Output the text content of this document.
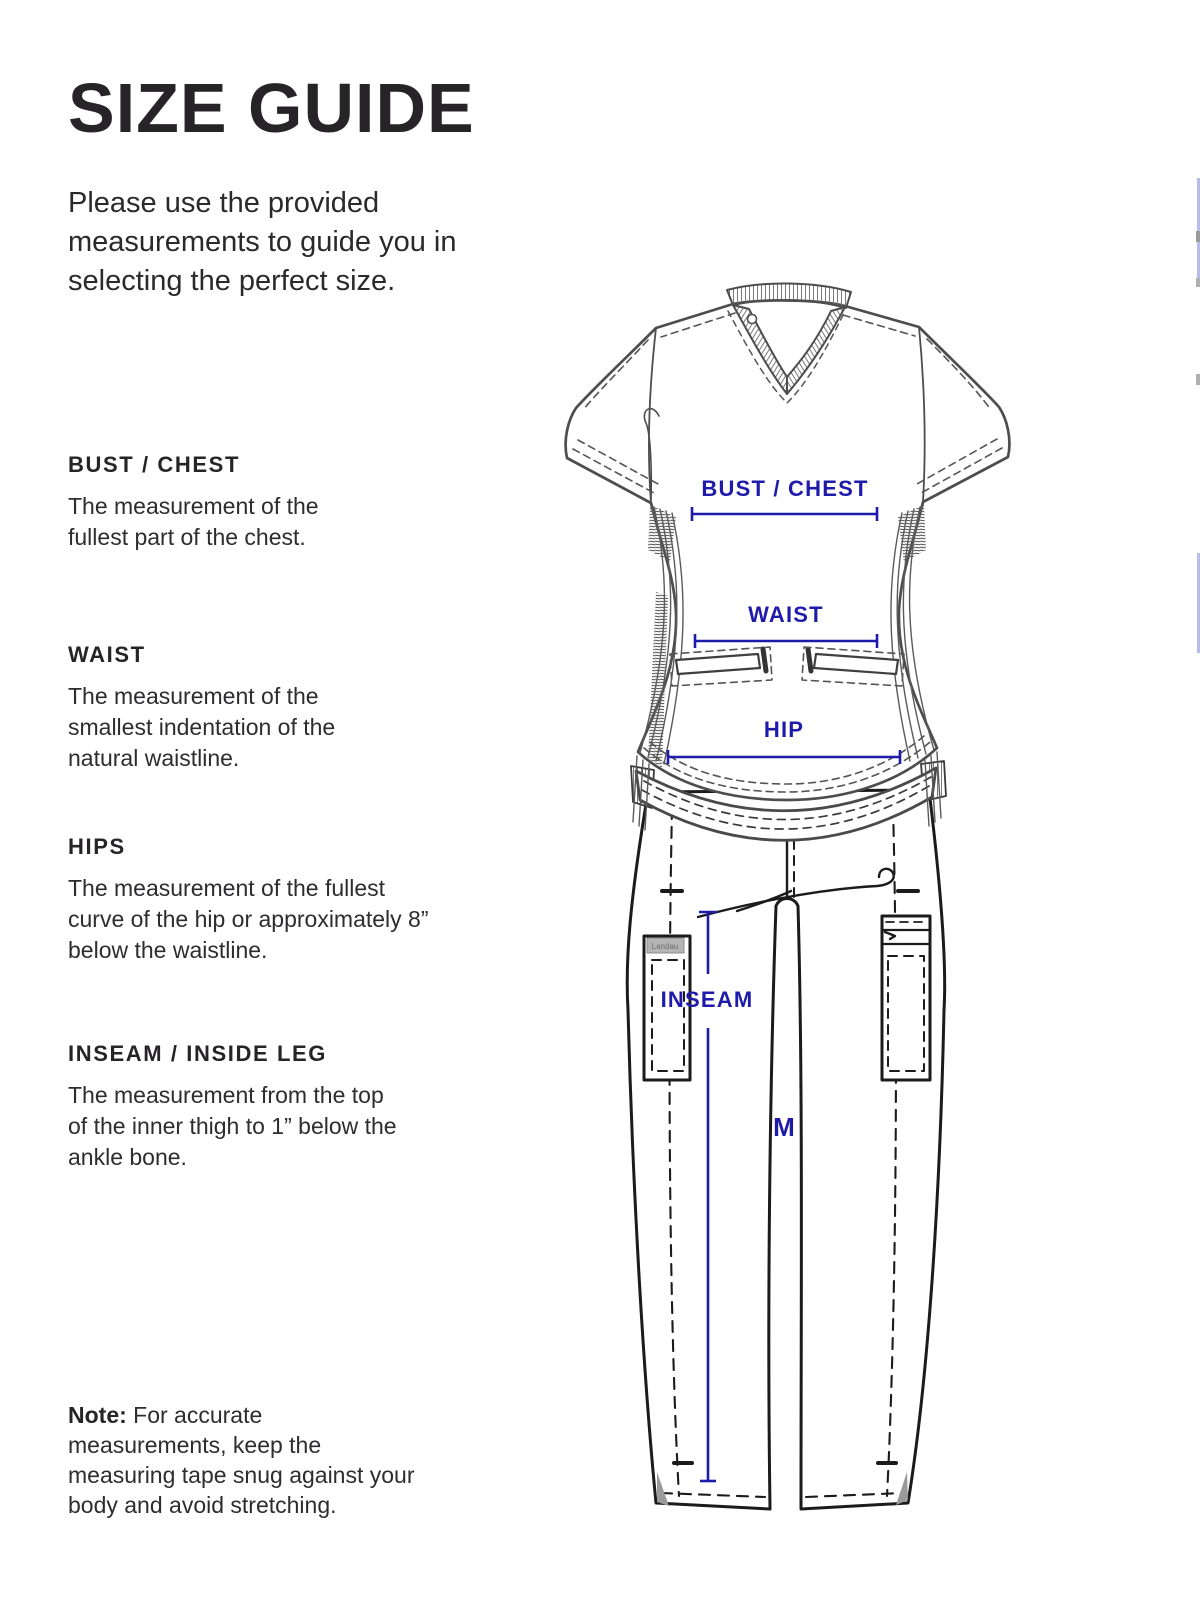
SIZE GUIDE
Please use the provided measurements to guide you in selecting the perfect size.
BUST / CHEST

The measurement of the fullest part of the chest.

WAIST

The measurement of the smallest indentation of the natural waistline.

HIPS

The measurement of the fullest curve of the hip or approximately 8” below the waistline.

INSEAM / INSIDE LEG

The measurement from the top of the inner thigh to 1” below the ankle bone.

Note: For accurate measurements, keep the measuring tape snug against your body and avoid stretching.
Landau
BUST / CHEST
WAIST
HIP
INSEAM
M
